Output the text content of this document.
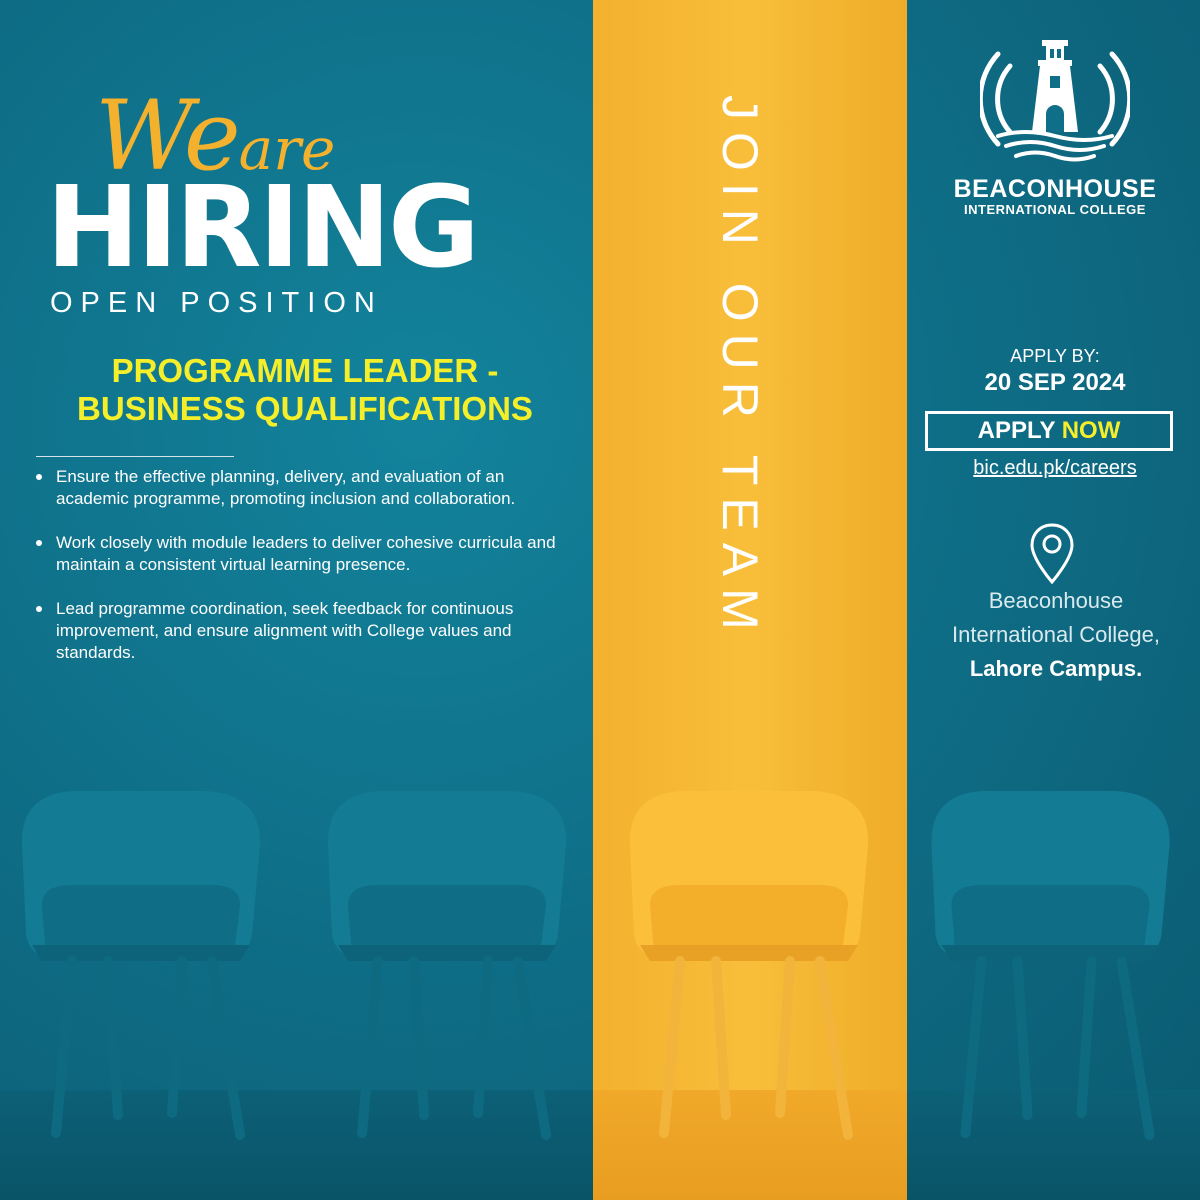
Weare
HIRING
OPEN POSITION
PROGRAMME LEADER -
BUSINESS QUALIFICATIONS
Ensure the effective planning, delivery, and evaluation of an academic programme, promoting inclusion and collaboration.
Work closely with module leaders to deliver cohesive curricula and maintain a consistent virtual learning presence.
Lead programme coordination, seek feedback for continuous improvement, and ensure alignment with College values and standards.
JOIN OUR TEAM	BEACONHOUSE
INTERNATIONAL COLLEGE
APPLY BY:
20 SEP 2024
APPLY NOW
bic.edu.pk/careers
Beaconhouse
International College,
Lahore Campus.
